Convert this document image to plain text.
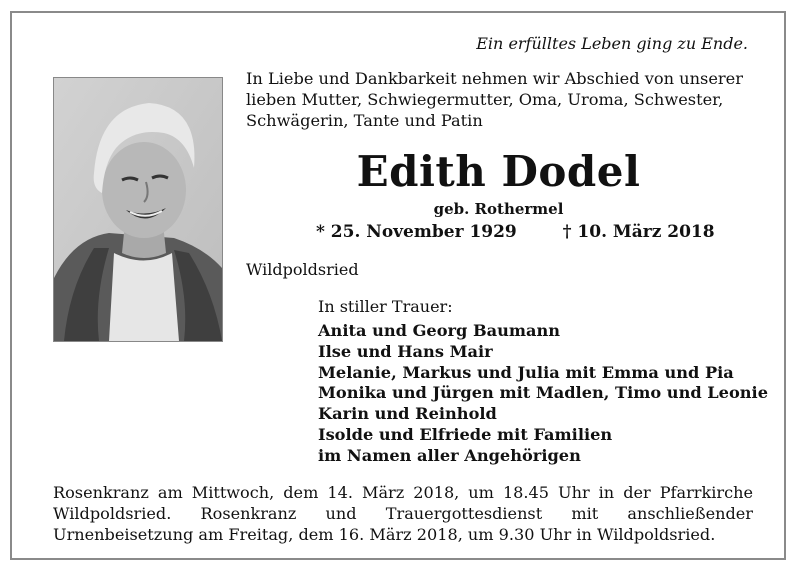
Ein erfülltes Leben ging zu Ende.
In Liebe und Dankbarkeit nehmen wir Abschied von unserer lieben Mutter, Schwiegermutter, Oma, Uroma, Schwester, Schwägerin, Tante und Patin
Edith Dodel
geb. Rothermel
* 25. November 1929	† 10. März 2018
Wildpoldsried
In stiller Trauer:
Anita und Georg Baumann
Ilse und Hans Mair
Melanie, Markus und Julia mit Emma und Pia
Monika und Jürgen mit Madlen, Timo und Leonie
Karin und Reinhold
Isolde und Elfriede mit Familien
im Namen aller Angehörigen
Rosenkranz am Mittwoch, dem 14. März 2018, um 18.45 Uhr in der Pfarrkirche Wildpoldsried. Rosenkranz und Trauergottesdienst mit anschließender Urnenbeisetzung am Freitag, dem 16. März 2018, um 9.30 Uhr in Wildpoldsried.
